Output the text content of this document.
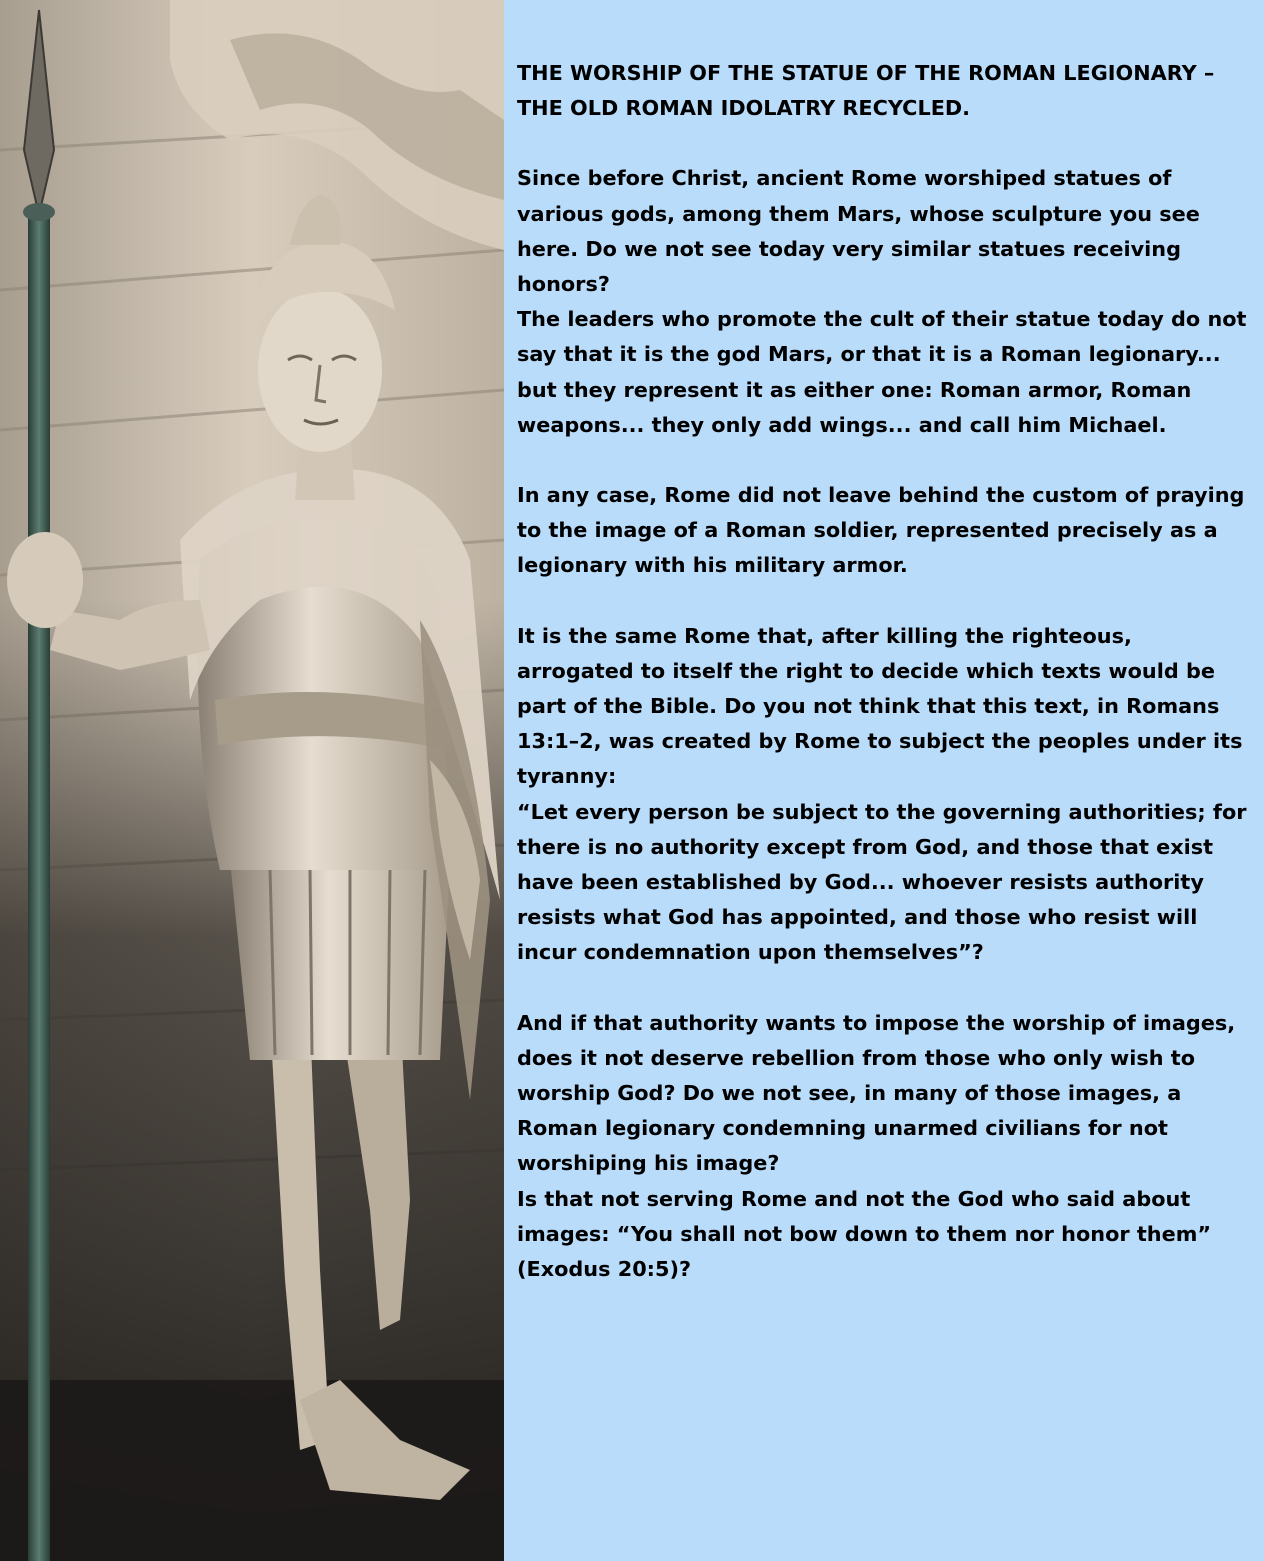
THE WORSHIP OF THE STATUE OF THE ROMAN LEGIONARY –

THE OLD ROMAN IDOLATRY RECYCLED.

Since before Christ, ancient Rome worshiped statues of various gods, among them Mars, whose sculpture you see here. Do we not see today very similar statues receiving honors?
The leaders who promote the cult of their statue today do not say that it is the god Mars, or that it is a Roman legionary... but they represent it as either one: Roman armor, Roman weapons... they only add wings... and call him Michael.

In any case, Rome did not leave behind the custom of praying to the image of a Roman soldier, represented precisely as a legionary with his military armor.

It is the same Rome that, after killing the righteous, arrogated to itself the right to decide which texts would be part of the Bible. Do you not think that this text, in Romans 13:1–2, was created by Rome to subject the peoples under its tyranny:
“Let every person be subject to the governing authorities; for there is no authority except from God, and those that exist have been established by God... whoever resists authority resists what God has appointed, and those who resist will incur condemnation upon themselves”?

And if that authority wants to impose the worship of images, does it not deserve rebellion from those who only wish to worship God? Do we not see, in many of those images, a Roman legionary condemning unarmed civilians for not worshiping his image?
Is that not serving Rome and not the God who said about images: “You shall not bow down to them nor honor them” (Exodus 20:5)?
